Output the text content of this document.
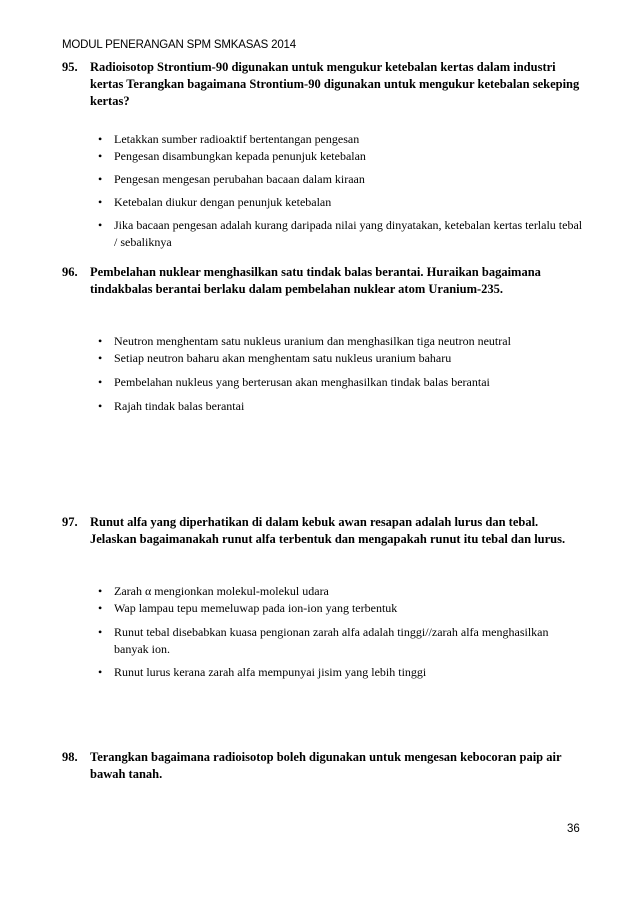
MODUL PENERANGAN SPM SMKASAS 2014
95. Radioisotop Strontium-90 digunakan untuk mengukur ketebalan kertas dalam industri kertas Terangkan bagaimana Strontium-90 digunakan untuk mengukur ketebalan sekeping kertas?
• Letakkan sumber radioaktif bertentangan pengesan
• Pengesan disambungkan kepada penunjuk ketebalan
• Pengesan mengesan perubahan bacaan dalam kiraan
• Ketebalan diukur dengan penunjuk ketebalan
• Jika bacaan pengesan adalah kurang daripada nilai yang dinyatakan, ketebalan kertas terlalu tebal / sebaliknya
96. Pembelahan nuklear menghasilkan satu tindak balas berantai. Huraikan bagaimana tindakbalas berantai berlaku dalam pembelahan nuklear atom Uranium-235.
• Neutron menghentam satu nukleus uranium dan menghasilkan tiga neutron neutral
• Setiap neutron baharu akan menghentam satu nukleus uranium baharu
• Pembelahan nukleus yang berterusan akan menghasilkan tindak balas berantai
• Rajah tindak balas berantai
97. Runut alfa yang diperhatikan di dalam kebuk awan resapan adalah lurus dan tebal. Jelaskan bagaimanakah runut alfa terbentuk dan mengapakah runut itu tebal dan lurus.
• Zarah α mengionkan molekul-molekul udara
• Wap lampau tepu memeluwap pada ion-ion yang terbentuk
• Runut tebal disebabkan kuasa pengionan zarah alfa adalah tinggi//zarah alfa menghasilkan banyak ion.
• Runut lurus kerana zarah alfa mempunyai jisim yang lebih tinggi
98. Terangkan bagaimana radioisotop boleh digunakan untuk mengesan kebocoran paip air bawah tanah.
36
